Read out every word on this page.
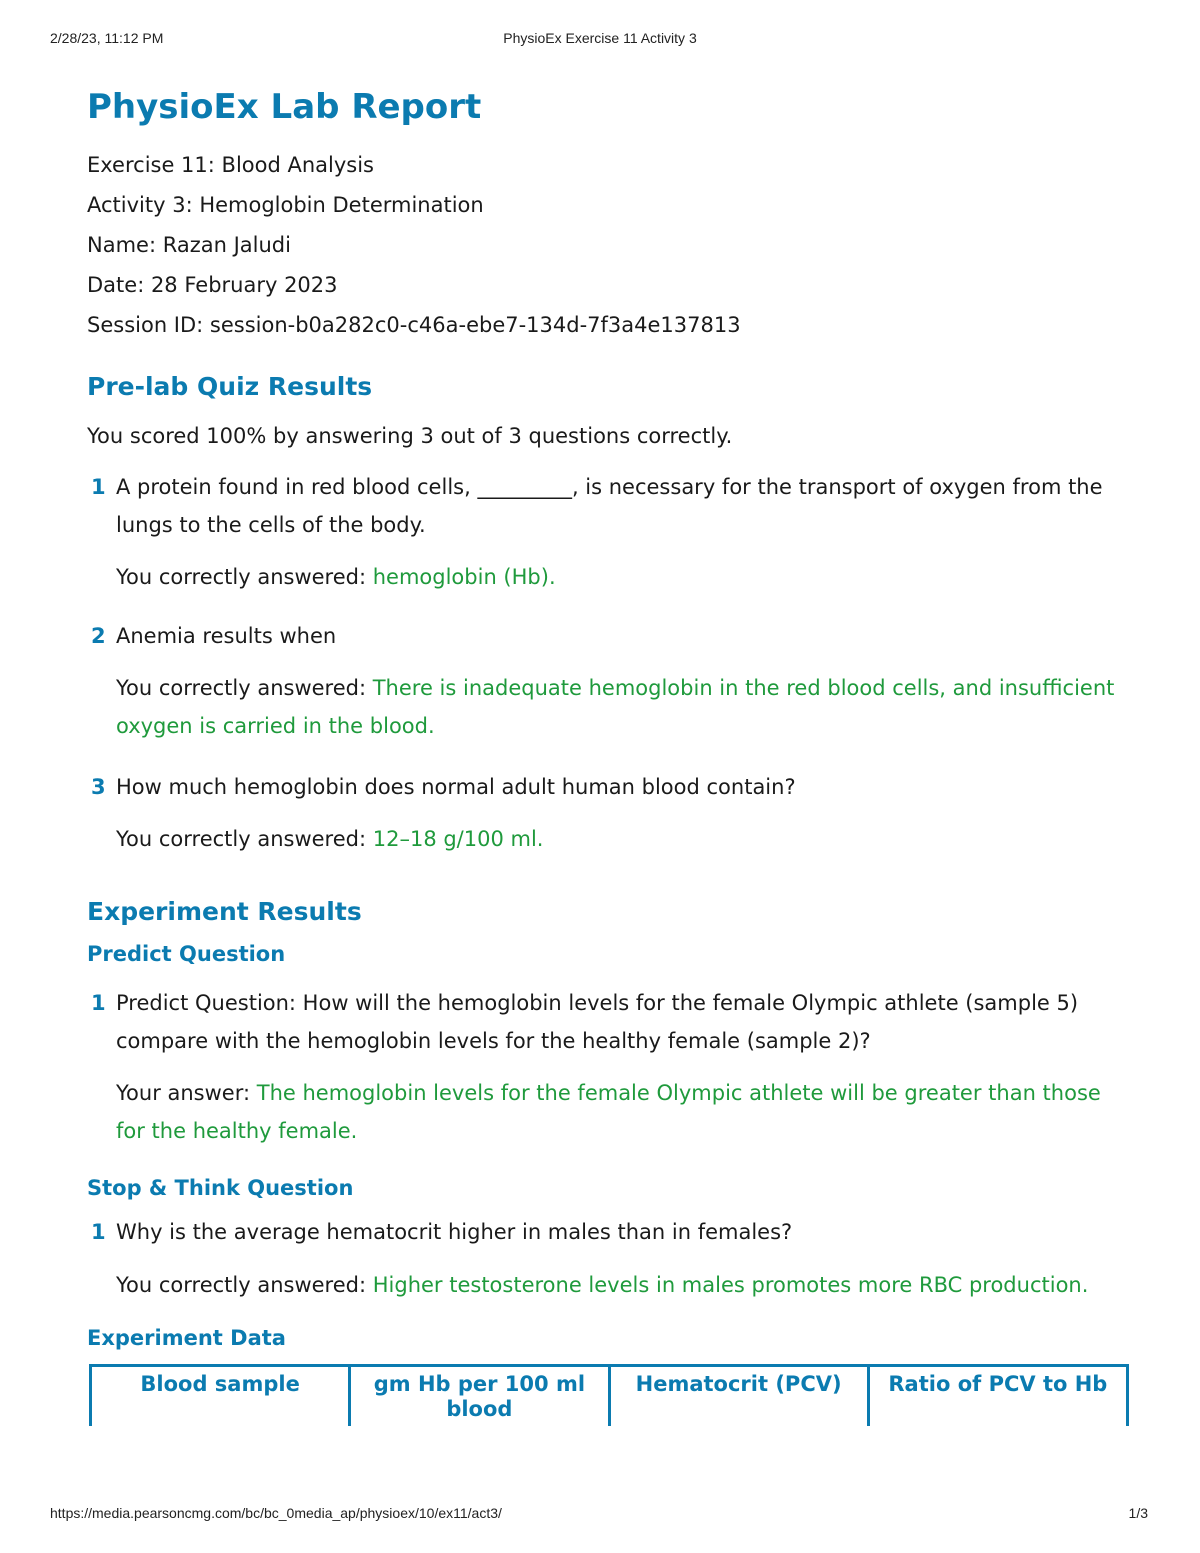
2/28/23, 11:12 PM	PhysioEx Exercise 11 Activity 3
PhysioEx Lab Report
Exercise 11: Blood Analysis
Activity 3: Hemoglobin Determination
Name: Razan Jaludi
Date: 28 February 2023
Session ID: session-b0a282c0-c46a-ebe7-134d-7f3a4e137813
Pre-lab Quiz Results
You scored 100% by answering 3 out of 3 questions correctly.
1 A protein found in red blood cells, _________, is necessary for the transport of oxygen from the lungs to the cells of the body.
You correctly answered: hemoglobin (Hb).
2 Anemia results when
You correctly answered: There is inadequate hemoglobin in the red blood cells, and insufficient oxygen is carried in the blood.
3 How much hemoglobin does normal adult human blood contain?
You correctly answered: 12–18 g/100 ml.
Experiment Results
Predict Question
1 Predict Question: How will the hemoglobin levels for the female Olympic athlete (sample 5) compare with the hemoglobin levels for the healthy female (sample 2)?
Your answer: The hemoglobin levels for the female Olympic athlete will be greater than those for the healthy female.
Stop & Think Question
1 Why is the average hematocrit higher in males than in females?
You correctly answered: Higher testosterone levels in males promotes more RBC production.
Experiment Data
Blood sample	gm Hb per 100 ml blood	Hematocrit (PCV)	Ratio of PCV to Hb
https://media.pearsoncmg.com/bc/bc_0media_ap/physioex/10/ex11/act3/	1/3
